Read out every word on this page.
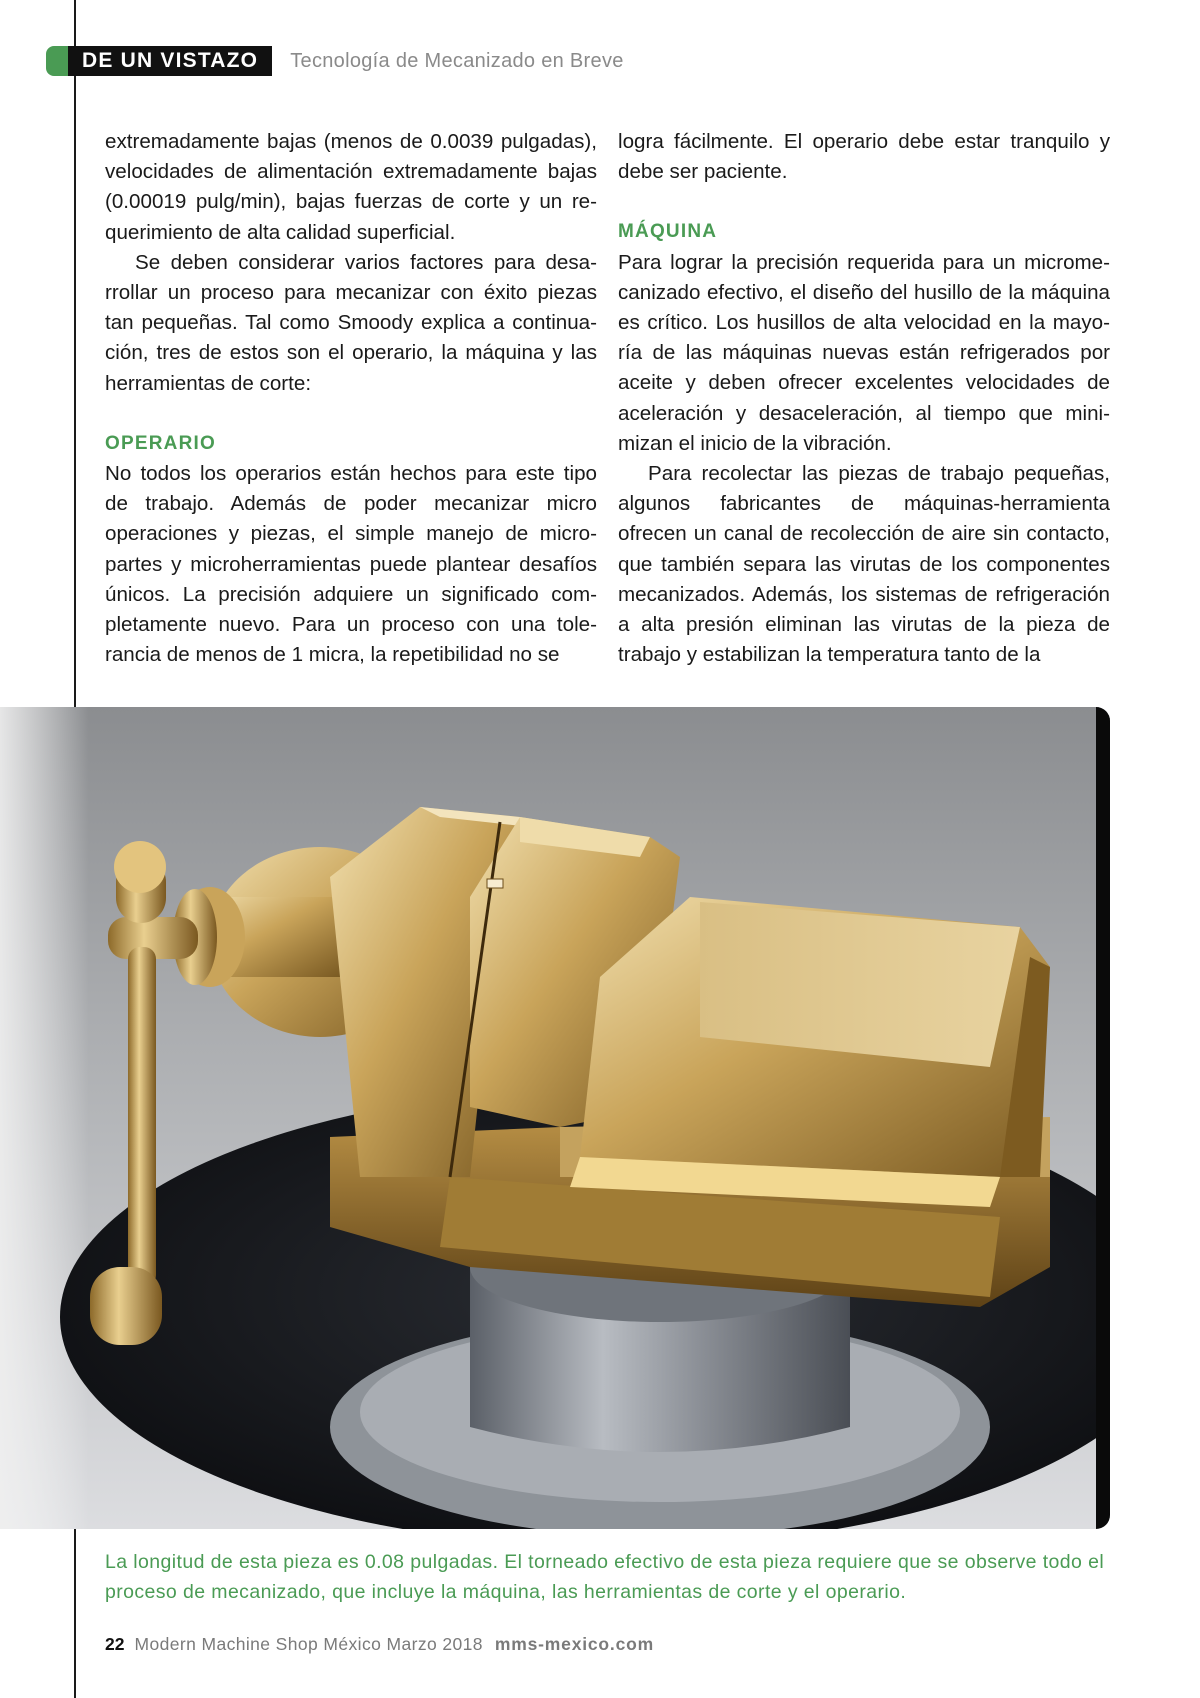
DE UN VISTAZO	Tecnología de Mecanizado en Breve

extremadamente bajas (menos de 0.0039 pulgadas), velocidades de alimentación extremadamente bajas (0.00019 pulg/min), bajas fuerzas de corte y un requerimiento de alta calidad superficial.

Se deben considerar varios factores para desarrollar un proceso para mecanizar con éxito piezas tan pequeñas. Tal como Smoody explica a continuación, tres de estos son el operario, la máquina y las herramientas de corte:

OPERARIO

No todos los operarios están hechos para este tipo de trabajo. Además de poder mecanizar micro operaciones y piezas, el simple manejo de micropartes y microherramientas puede plantear desafíos únicos. La precisión adquiere un significado completamente nuevo. Para un proceso con una tolerancia de menos de 1 micra, la repetibilidad no se

logra fácilmente. El operario debe estar tranquilo y debe ser paciente.

MÁQUINA

Para lograr la precisión requerida para un micromecanizado efectivo, el diseño del husillo de la máquina es crítico. Los husillos de alta velocidad en la mayoría de las máquinas nuevas están refrigerados por aceite y deben ofrecer excelentes velocidades de aceleración y desaceleración, al tiempo que minimizan el inicio de la vibración.

Para recolectar las piezas de trabajo pequeñas, algunos fabricantes de máquinas-herramienta ofrecen un canal de recolección de aire sin contacto, que también separa las virutas de los componentes mecanizados. Además, los sistemas de refrigeración a alta presión eliminan las virutas de la pieza de trabajo y estabilizan la temperatura tanto de la

La longitud de esta pieza es 0.08 pulgadas. El torneado efectivo de esta pieza requiere que se observe todo el proceso de mecanizado, que incluye la máquina, las herramientas de corte y el operario.
22 Modern Machine Shop México Marzo 2018 mms-mexico.com
